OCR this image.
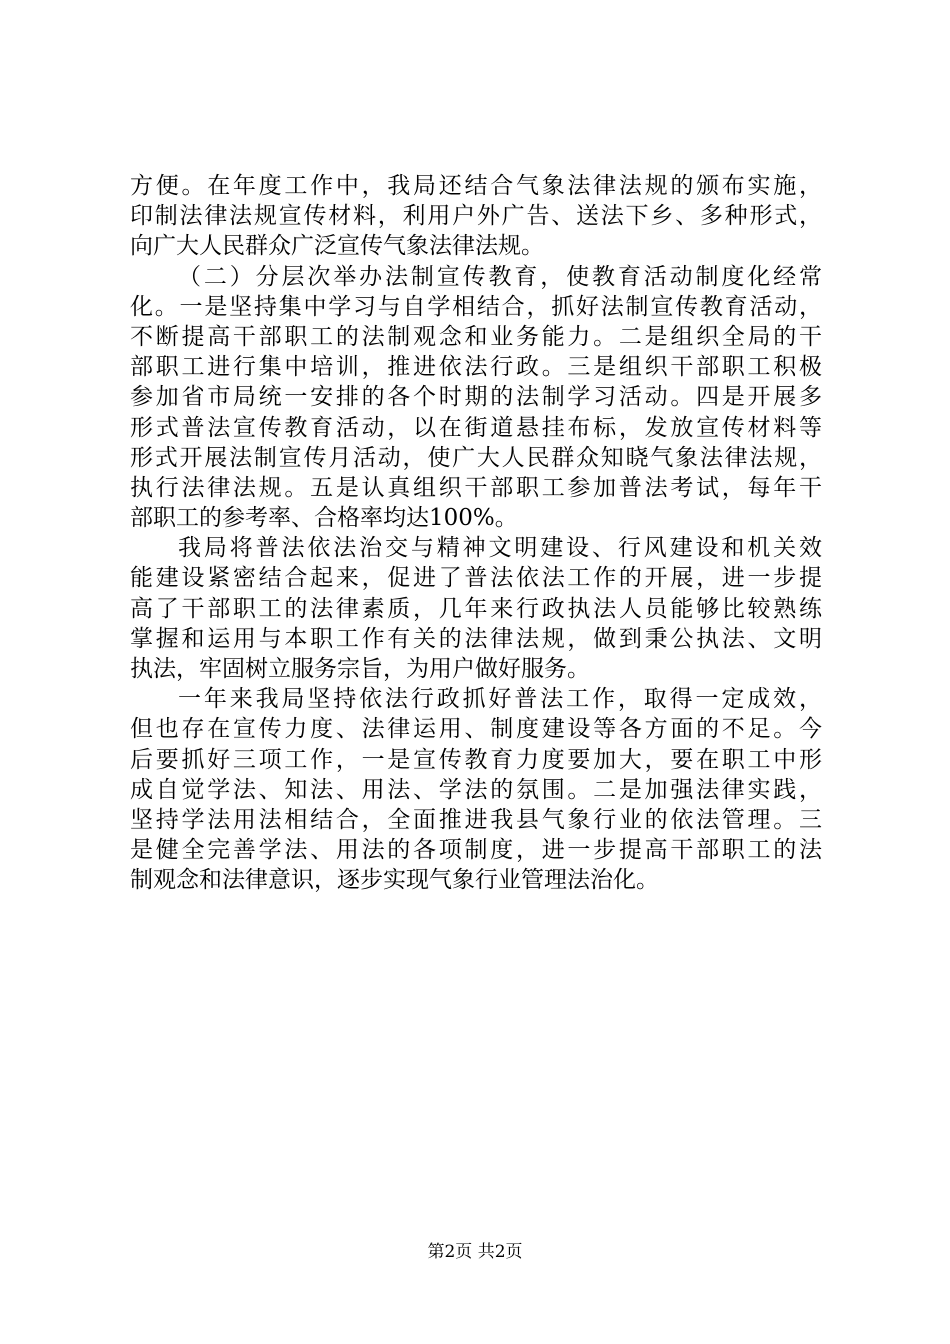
方便。在年度工作中，我局还结合气象法律法规的颁布实施，
印制法律法规宣传材料，利用户外广告、送法下乡、多种形式，
向广大人民群众广泛宣传气象法律法规。
（二）分层次举办法制宣传教育，使教育活动制度化经常
化。一是坚持集中学习与自学相结合，抓好法制宣传教育活动，
不断提高干部职工的法制观念和业务能力。二是组织全局的干
部职工进行集中培训，推进依法行政。三是组织干部职工积极
参加省市局统一安排的各个时期的法制学习活动。四是开展多
形式普法宣传教育活动，以在街道悬挂布标，发放宣传材料等
形式开展法制宣传月活动，使广大人民群众知晓气象法律法规，
执行法律法规。五是认真组织干部职工参加普法考试，每年干
部职工的参考率、合格率均达100%。
我局将普法依法治交与精神文明建设、行风建设和机关效
能建设紧密结合起来，促进了普法依法工作的开展，进一步提
高了干部职工的法律素质，几年来行政执法人员能够比较熟练
掌握和运用与本职工作有关的法律法规，做到秉公执法、文明
执法，牢固树立服务宗旨，为用户做好服务。
一年来我局坚持依法行政抓好普法工作，取得一定成效，
但也存在宣传力度、法律运用、制度建设等各方面的不足。今
后要抓好三项工作，一是宣传教育力度要加大，要在职工中形
成自觉学法、知法、用法、学法的氛围。二是加强法律实践，
坚持学法用法相结合，全面推进我县气象行业的依法管理。三
是健全完善学法、用法的各项制度，进一步提高干部职工的法
制观念和法律意识，逐步实现气象行业管理法治化。
第2页 共2页
